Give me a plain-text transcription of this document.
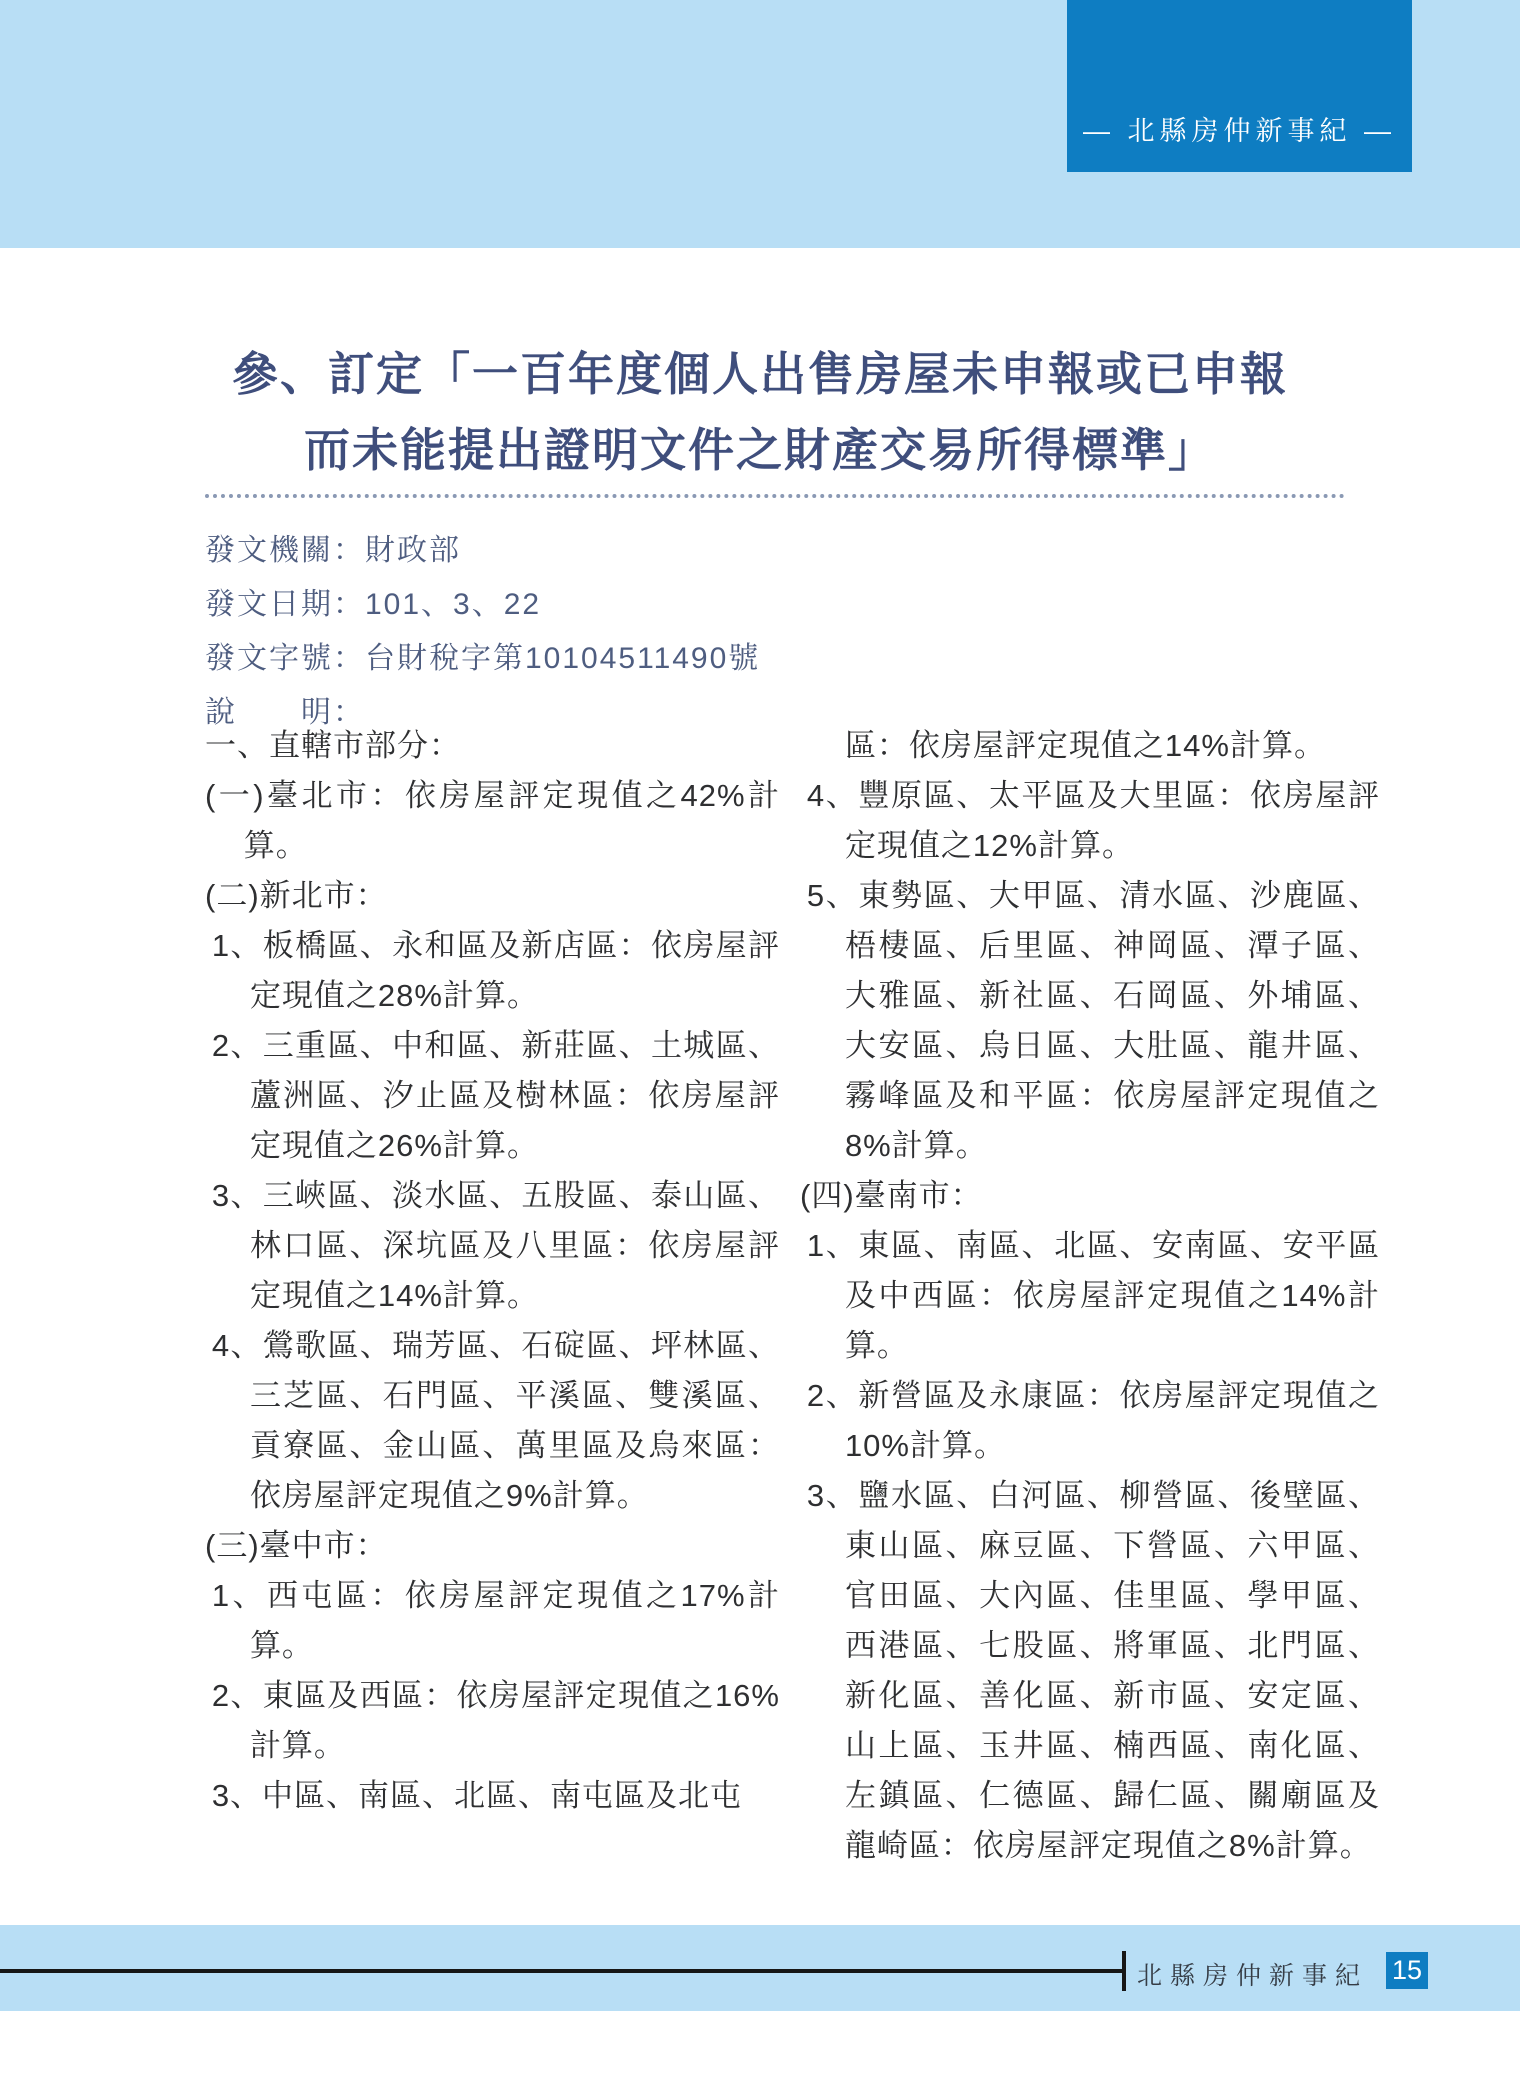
— 北縣房仲新事紀 —
參、訂定「一百年度個人出售房屋未申報或已申報
而未能提出證明文件之財產交易所得標準」
發文機關：財政部
發文日期：101、3、22
發文字號：台財稅字第10104511490號
說　　明：
一、直轄市部分：
(一)臺北市：依房屋評定現值之42%計算。
(二)新北市：
1、板橋區、永和區及新店區：依房屋評定現值之28%計算。
2、三重區、中和區、新莊區、土城區、蘆洲區、汐止區及樹林區：依房屋評定現值之26%計算。
3、三峽區、淡水區、五股區、泰山區、林口區、深坑區及八里區：依房屋評定現值之14%計算。
4、鶯歌區、瑞芳區、石碇區、坪林區、三芝區、石門區、平溪區、雙溪區、貢寮區、金山區、萬里區及烏來區：依房屋評定現值之9%計算。
(三)臺中市：
1、西屯區：依房屋評定現值之17%計算。
2、東區及西區：依房屋評定現值之16%計算。
3、中區、南區、北區、南屯區及北屯
區：依房屋評定現值之14%計算。
4、豐原區、太平區及大里區：依房屋評定現值之12%計算。
5、東勢區、大甲區、清水區、沙鹿區、梧棲區、后里區、神岡區、潭子區、大雅區、新社區、石岡區、外埔區、大安區、烏日區、大肚區、龍井區、霧峰區及和平區：依房屋評定現值之8%計算。
(四)臺南市：
1、東區、南區、北區、安南區、安平區及中西區：依房屋評定現值之14%計算。
2、新營區及永康區：依房屋評定現值之10%計算。
3、鹽水區、白河區、柳營區、後壁區、東山區、麻豆區、下營區、六甲區、官田區、大內區、佳里區、學甲區、西港區、七股區、將軍區、北門區、新化區、善化區、新市區、安定區、山上區、玉井區、楠西區、南化區、左鎮區、仁德區、歸仁區、關廟區及龍崎區：依房屋評定現值之8%計算。
北縣房仲新事紀 15
